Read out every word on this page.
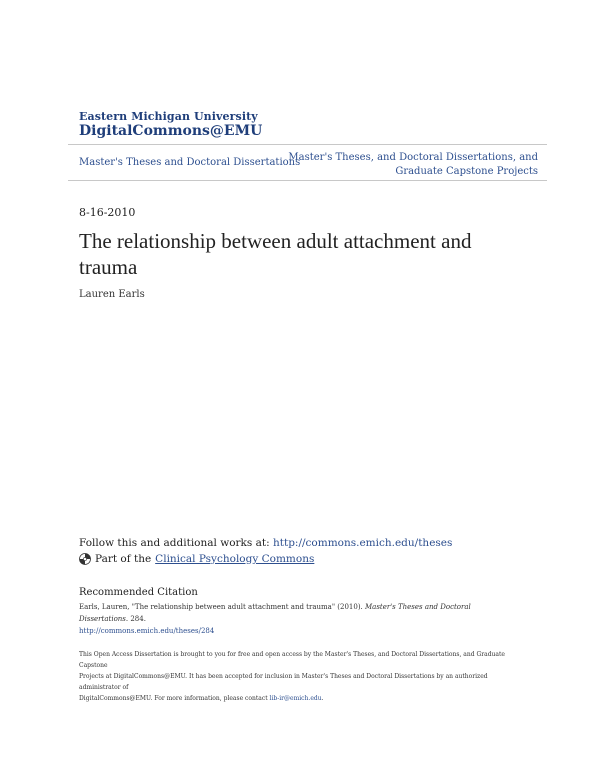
Eastern Michigan University
DigitalCommons@EMU
Master's Theses and Doctoral Dissertations
Master's Theses, and Doctoral Dissertations, and
Graduate Capstone Projects
8-16-2010
The relationship between adult attachment and trauma
Lauren Earls
Follow this and additional works at: http://commons.emich.edu/theses
Part of the Clinical Psychology Commons
Recommended Citation
Earls, Lauren, "The relationship between adult attachment and trauma" (2010). Master's Theses and Doctoral Dissertations. 284.
http://commons.emich.edu/theses/284
This Open Access Dissertation is brought to you for free and open access by the Master's Theses, and Doctoral Dissertations, and Graduate Capstone
Projects at DigitalCommons@EMU. It has been accepted for inclusion in Master's Theses and Doctoral Dissertations by an authorized administrator of
DigitalCommons@EMU. For more information, please contact lib-ir@emich.edu.
